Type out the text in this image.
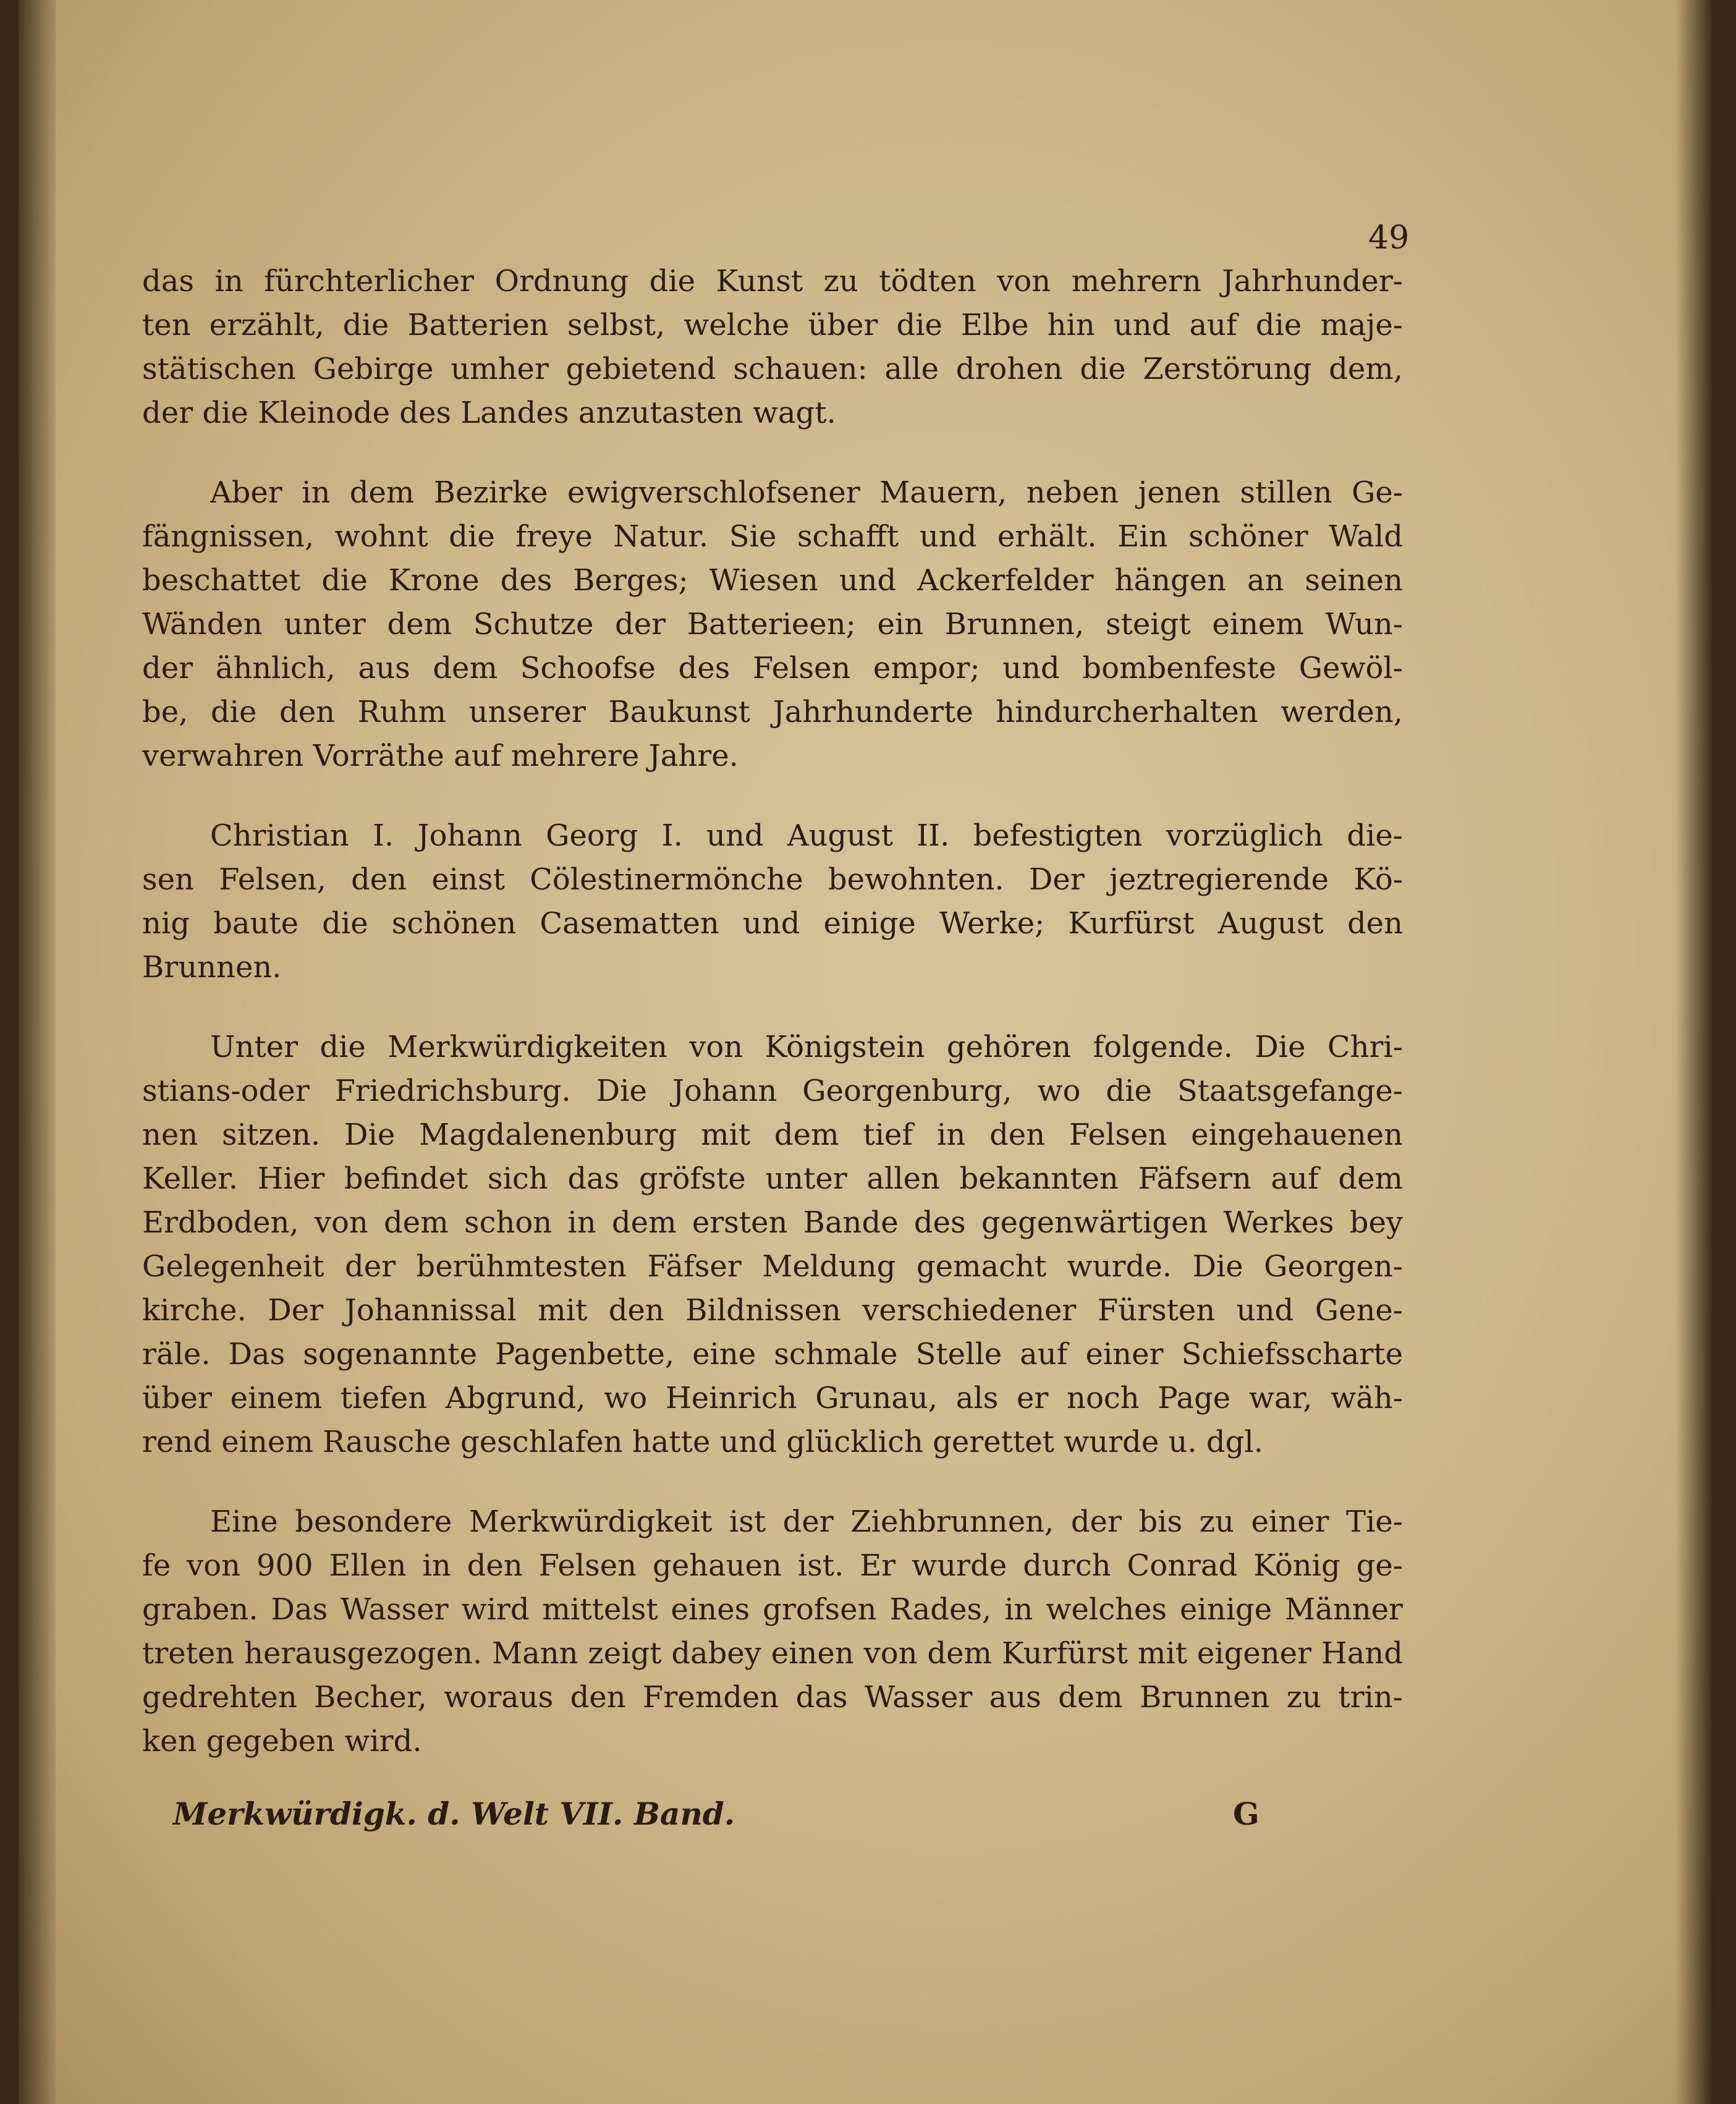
49

das in fürchterlicher Ordnung die Kunst zu tödten von mehrern Jahrhunder-
ten erzählt, die Batterien selbst, welche über die Elbe hin und auf die maje-
stätischen Gebirge umher gebietend schauen: alle drohen die Zerstörung dem,
der die Kleinode des Landes anzutasten wagt.

Aber in dem Bezirke ewigverschlofsener Mauern, neben jenen stillen Ge-
fängnissen, wohnt die freye Natur. Sie schafft und erhält. Ein schöner Wald
beschattet die Krone des Berges; Wiesen und Ackerfelder hängen an seinen
Wänden unter dem Schutze der Batterieen; ein Brunnen, steigt einem Wun-
der ähnlich, aus dem Schoofse des Felsen empor; und bombenfeste Gewöl-
be, die den Ruhm unserer Baukunst Jahrhunderte hindurcherhalten werden,
verwahren Vorräthe auf mehrere Jahre.

Christian I. Johann Georg I. und August II. befestigten vorzüglich die-
sen Felsen, den einst Cölestinermönche bewohnten. Der jeztregierende Kö-
nig baute die schönen Casematten und einige Werke; Kurfürst August den
Brunnen.

Unter die Merkwürdigkeiten von Königstein gehören folgende. Die Chri-
stians-oder Friedrichsburg. Die Johann Georgenburg, wo die Staatsgefange-
nen sitzen. Die Magdalenenburg mit dem tief in den Felsen eingehauenen
Keller. Hier befindet sich das gröfste unter allen bekannten Fäfsern auf dem
Erdboden, von dem schon in dem ersten Bande des gegenwärtigen Werkes bey
Gelegenheit der berühmtesten Fäfser Meldung gemacht wurde. Die Georgen-
kirche. Der Johannissal mit den Bildnissen verschiedener Fürsten und Gene-
räle. Das sogenannte Pagenbette, eine schmale Stelle auf einer Schiefsscharte
über einem tiefen Abgrund, wo Heinrich Grunau, als er noch Page war, wäh-
rend einem Rausche geschlafen hatte und glücklich gerettet wurde u. dgl.

Eine besondere Merkwürdigkeit ist der Ziehbrunnen, der bis zu einer Tie-
fe von 900 Ellen in den Felsen gehauen ist. Er wurde durch Conrad König ge-
graben. Das Wasser wird mittelst eines grofsen Rades, in welches einige Männer
treten herausgezogen. Mann zeigt dabey einen von dem Kurfürst mit eigener Hand
gedrehten Becher, woraus den Fremden das Wasser aus dem Brunnen zu trin-
ken gegeben wird.

Merkwürdigk. d. Welt VII. Band.	G
